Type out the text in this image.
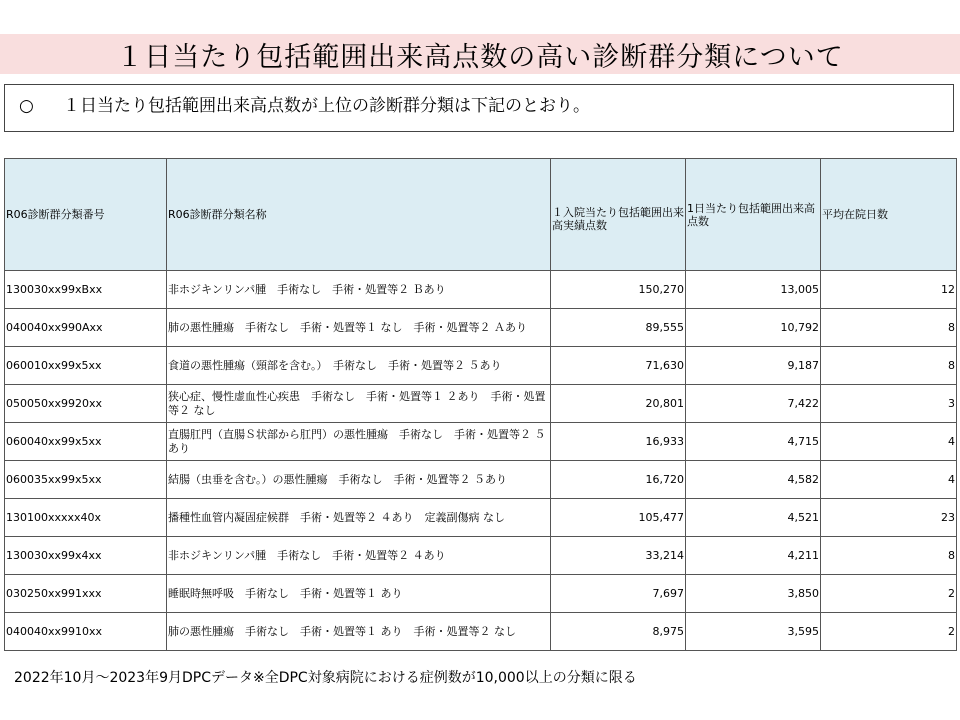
１日当たり包括範囲出来高点数の高い診断群分類について
○ １日当たり包括範囲出来高点数が上位の診断群分類は下記のとおり。
R06診断群分類番号	R06診断群分類名称	１入院当たり包括範囲出来高実績点数	1日当たり包括範囲出来高点数	平均在院日数
130030xx99xBxx	非ホジキンリンパ腫　手術なし　手術・処置等２ Ｂあり	150,270	13,005	12
040040xx990Axx	肺の悪性腫瘍　手術なし　手術・処置等１ なし　手術・処置等２ Ａあり	89,555	10,792	8
060010xx99x5xx	食道の悪性腫瘍（頸部を含む。）　手術なし　手術・処置等２ ５あり	71,630	9,187	8
050050xx9920xx	狭心症、慢性虚血性心疾患　手術なし　手術・処置等１ ２あり　手術・処置等２ なし	20,801	7,422	3
060040xx99x5xx	直腸肛門（直腸Ｓ状部から肛門）の悪性腫瘍　手術なし　手術・処置等２ ５あり	16,933	4,715	4
060035xx99x5xx	結腸（虫垂を含む。）の悪性腫瘍　手術なし　手術・処置等２ ５あり	16,720	4,582	4
130100xxxxx40x	播種性血管内凝固症候群　手術・処置等２ ４あり　定義副傷病 なし	105,477	4,521	23
130030xx99x4xx	非ホジキンリンパ腫　手術なし　手術・処置等２ ４あり	33,214	4,211	8
030250xx991xxx	睡眠時無呼吸　手術なし　手術・処置等１ あり	7,697	3,850	2
040040xx9910xx	肺の悪性腫瘍　手術なし　手術・処置等１ あり　手術・処置等２ なし	8,975	3,595	2
2022年10月～2023年9月DPCデータ※全DPC対象病院における症例数が10,000以上の分類に限る
